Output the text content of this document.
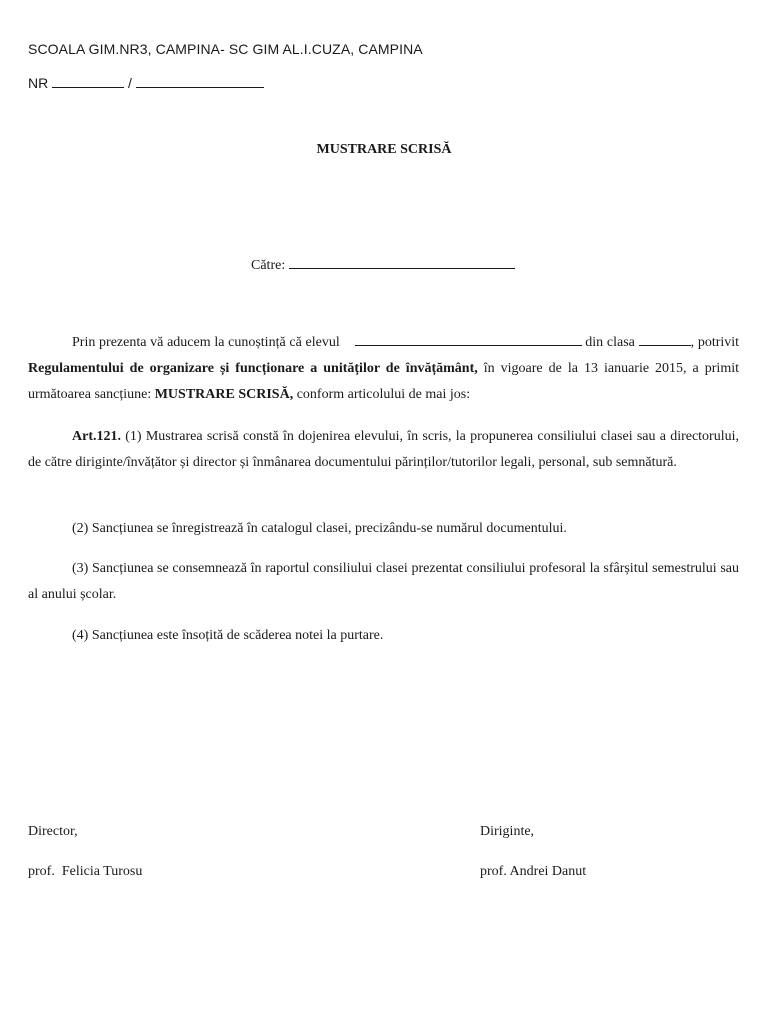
SCOALA GIM.NR3, CAMPINA- SC GIM AL.I.CUZA, CAMPINA
NR	/
MUSTRARE SCRISĂ
Către:

Prin prezenta vă aducem la cunoștință că elevul	din clasa	, potrivit Regulamentului de organizare și funcționare a unităților de învățământ, în vigoare de la 13 ianuarie 2015, a primit următoarea sancțiune: MUSTRARE SCRISĂ, conform articolului de mai jos:

Art.121. (1) Mustrarea scrisă constă în dojenirea elevului, în scris, la propunerea consiliului clasei sau a directorului, de către diriginte/învățător și director și înmânarea documentului părinților/tutorilor legali, personal, sub semnătură.

(2) Sancțiunea se înregistrează în catalogul clasei, precizându-se numărul documentului.

(3) Sancțiunea se consemnează în raportul consiliului clasei prezentat consiliului profesoral la sfârșitul semestrului sau al anului școlar.

(4) Sancțiunea este însoțită de scăderea notei la purtare.

Director,
prof.  Felicia Turosu
Diriginte,
prof. Andrei Danut
